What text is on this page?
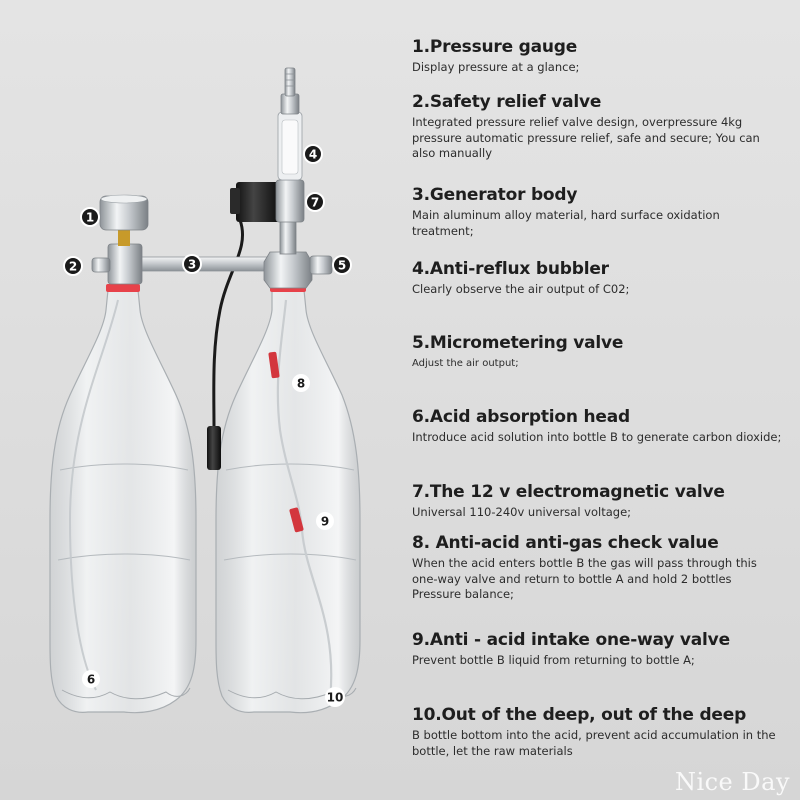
1
2	3
4
5
6
7
8
9
10
1.Pressure gauge
Display pressure at a glance;
2.Safety relief valve
Integrated pressure relief valve design, overpressure 4kg pressure automatic pressure relief, safe and secure; You can also manually
3.Generator body
Main aluminum alloy material, hard surface oxidation treatment;
4.Anti-reflux bubbler
Clearly observe the air output of C02;
5.Micrometering valve
Adjust the air output;
6.Acid absorption head
Introduce acid solution into bottle B to generate carbon dioxide;
7.The 12 v electromagnetic valve
Universal 110-240v universal voltage;
8. Anti-acid anti-gas check value
When the acid enters bottle B the gas will pass through this one-way valve and return to bottle A and hold 2 bottles Pressure balance;
9.Anti - acid intake one-way valve
Prevent bottle B liquid from returning to bottle A;
10.Out of the deep, out of the deep
B bottle bottom into the acid, prevent acid accumulation in the bottle, let the raw materials
Nice Day
